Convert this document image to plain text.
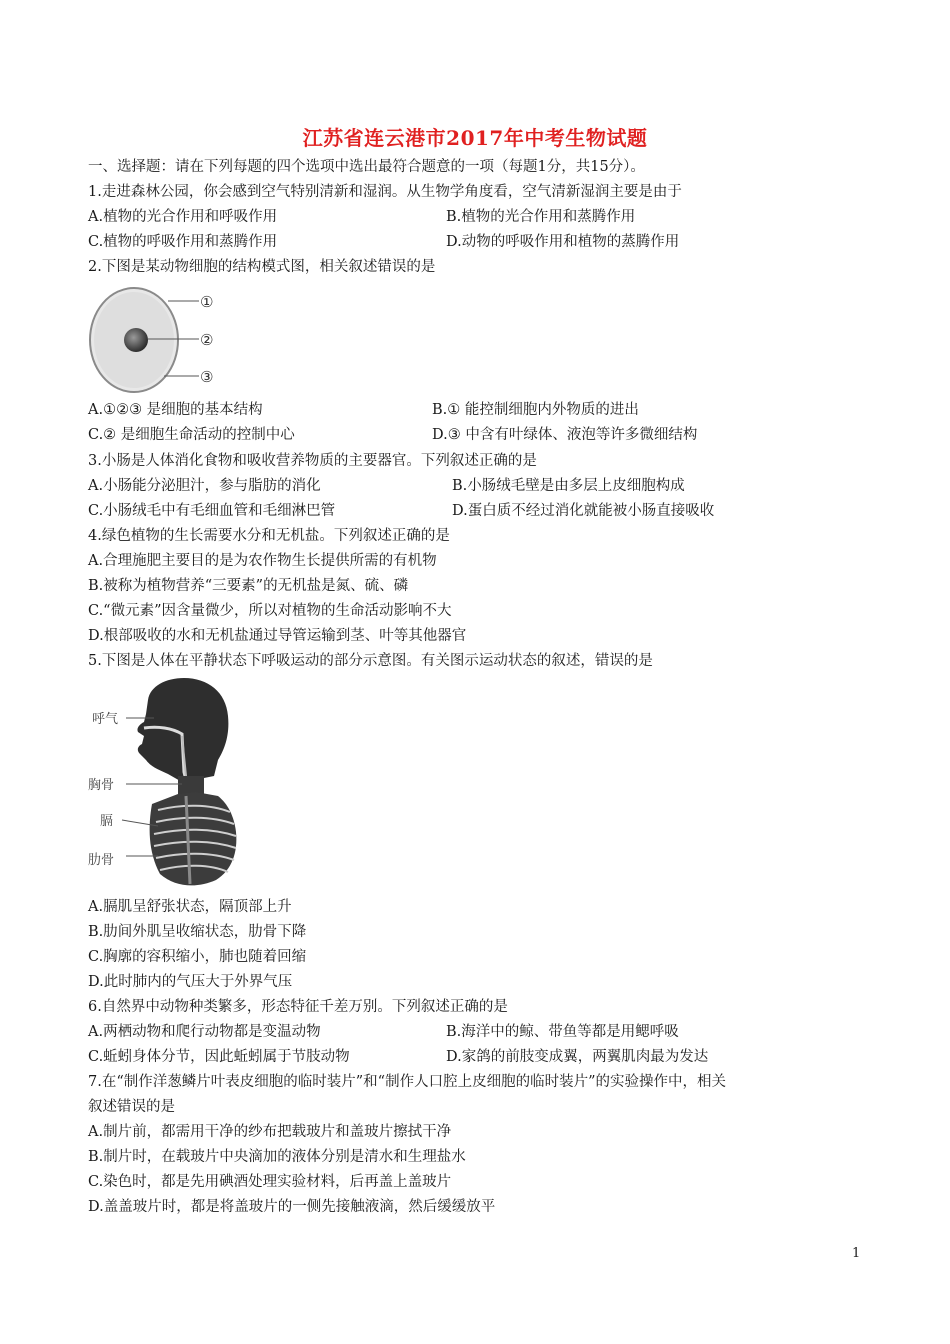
江苏省连云港市2017年中考生物试题
一、选择题：请在下列每题的四个选项中选出最符合题意的一项（每题1分，共15分）。
1.走进森林公园，你会感到空气特别清新和湿润。从生物学角度看，空气清新湿润主要是由于
A.植物的光合作用和呼吸作用	B.植物的光合作用和蒸腾作用
C.植物的呼吸作用和蒸腾作用	D.动物的呼吸作用和植物的蒸腾作用
2.下图是某动物细胞的结构模式图，相关叙述错误的是
①
②
③
A.①②③ 是细胞的基本结构	B.① 能控制细胞内外物质的进出
C.② 是细胞生命活动的控制中心	D.③ 中含有叶绿体、液泡等许多微细结构
3.小肠是人体消化食物和吸收营养物质的主要器官。下列叙述正确的是
A.小肠能分泌胆汁，参与脂肪的消化	B.小肠绒毛壁是由多层上皮细胞构成
C.小肠绒毛中有毛细血管和毛细淋巴管	D.蛋白质不经过消化就能被小肠直接吸收
4.绿色植物的生长需要水分和无机盐。下列叙述正确的是
A.合理施肥主要目的是为农作物生长提供所需的有机物
B.被称为植物营养“三要素”的无机盐是氮、硫、磷
C.“微元素”因含量微少，所以对植物的生命活动影响不大
D.根部吸收的水和无机盐通过导管运输到茎、叶等其他器官
5.下图是人体在平静状态下呼吸运动的部分示意图。有关图示运动状态的叙述，错误的是
呼气
胸骨
膈
肋骨
A.膈肌呈舒张状态，隔顶部上升
B.肋间外肌呈收缩状态，肋骨下降
C.胸廓的容积缩小，肺也随着回缩
D.此时肺内的气压大于外界气压
6.自然界中动物种类繁多，形态特征千差万别。下列叙述正确的是
A.两栖动物和爬行动物都是变温动物	B.海洋中的鲸、带鱼等都是用鳃呼吸
C.蚯蚓身体分节，因此蚯蚓属于节肢动物	D.家鸽的前肢变成翼，两翼肌肉最为发达
7.在“制作洋葱鳞片叶表皮细胞的临时装片”和“制作人口腔上皮细胞的临时装片”的实验操作中，相关
叙述错误的是
A.制片前，都需用干净的纱布把载玻片和盖玻片擦拭干净
B.制片时，在载玻片中央滴加的液体分别是清水和生理盐水
C.染色时，都是先用碘酒处理实验材料，后再盖上盖玻片
D.盖盖玻片时，都是将盖玻片的一侧先接触液滴，然后缓缓放平
1
